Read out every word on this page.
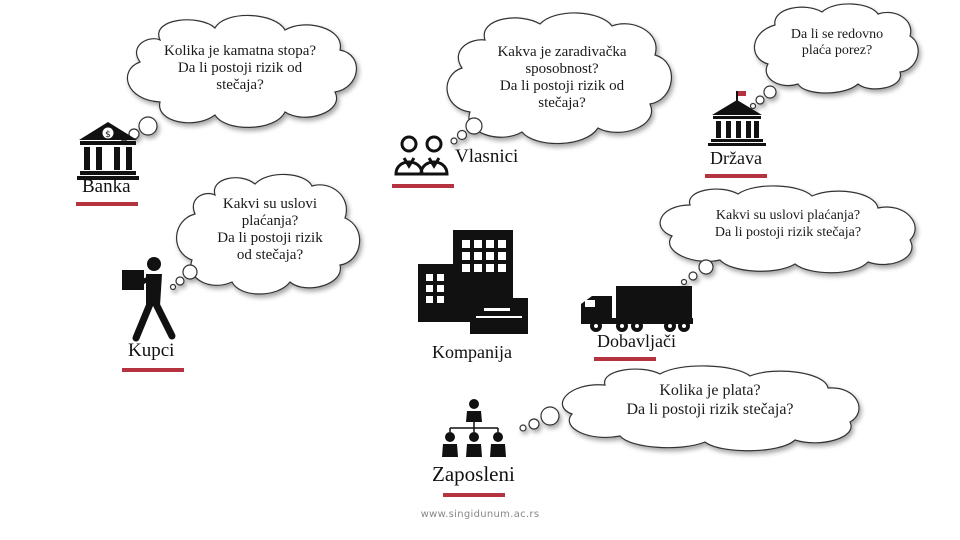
$
Kolika je kamatna stopa?
Da li postoji rizik od
stečaja?
Kakva je zaradivačka
sposobnost?
Da li postoji rizik od
stečaja?
Da li se redovno
plaća porez?
Kakvi su uslovi
plaćanja?
Da li postoji rizik
od stečaja?
Kakvi su uslovi plaćanja?
Da li postoji rizik stečaja?
Kolika je plata?
Da li postoji rizik stečaja?
Banka
Vlasnici	Država
Kupci	Kompanija
Dobavljači
Zaposleni
www.singidunum.ac.rs
